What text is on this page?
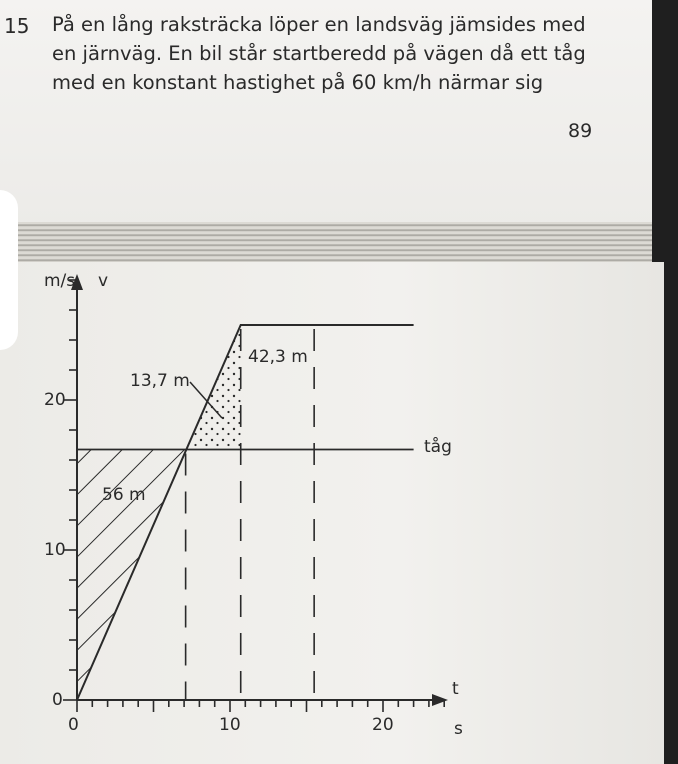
15 På en lång raksträcka löper en landsväg jämsides med
en järnväg. En bil står startberedd på vägen då ett tåg
med en konstant hastighet på 60 km/h närmar sig

89
m/s v
t
s
0
10
20
0	10	20
tåg
56 m
13,7 m
42,3 m
